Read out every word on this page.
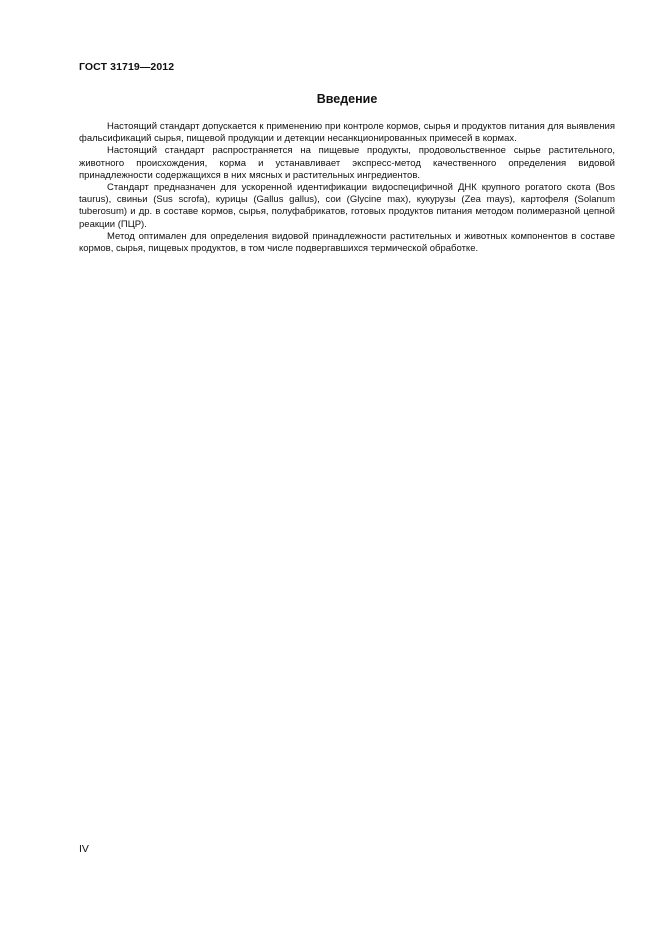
ГОСТ 31719—2012
Введение

Настоящий стандарт допускается к применению при контроле кормов, сырья и продуктов питания для выявления фальсификаций сырья, пищевой продукции и детекции несанкционированных примесей в кормах.

Настоящий стандарт распространяется на пищевые продукты, продовольственное сырье растительного, животного происхождения, корма и устанавливает экспресс-метод качественного определения видовой принадлежности содержащихся в них мясных и растительных ингредиентов.

Стандарт предназначен для ускоренной идентификации видоспецифичной ДНК крупного рогатого скота (Bos taurus), свиньи (Sus scrofa), курицы (Gallus gallus), сои (Glycine max), кукурузы (Zea mays), картофеля (Solanum tuberosum) и др. в составе кормов, сырья, полуфабрикатов, готовых продуктов питания методом полимеразной цепной реакции (ПЦР).

Метод оптимален для определения видовой принадлежности растительных и животных компонентов в составе кормов, сырья, пищевых продуктов, в том числе подвергавшихся термической обработке.

IV
